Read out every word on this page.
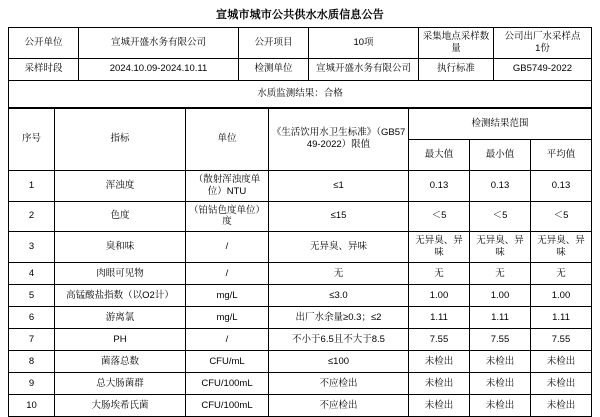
宣城市城市公共供水水质信息公告
公开单位	宣城开盛水务有限公司	公开项目	10项	采集地点采样数量	公司出厂水采样点
1份

采样时段	2024.10.09-2024.10.11	检测单位	宣城开盛水务有限公司	执行标准	GB5749-2022
水质监测结果：合格					
序号	指标	单位	《生活饮用水卫生标准》（GB5749-2022）限值	检测结果范围		
				最大值	最小值	平均值
1	浑浊度	（散射浑浊度单位）NTU	≤1	0.13	0.13	0.13
2	色度	（铂钴色度单位）度	≤15	＜5	＜5	＜5
3	臭和味	/	无异臭、异味	无异臭、异味	无异臭、异味	无异臭、异味
4	肉眼可见物	/	无	无	无	无
5	高锰酸盐指数（以O2计）	mg/L	≤3.0	1.00	1.00	1.00
6	游离氯	mg/L	出厂水余量≥0.3；≤2	1.11	1.11	1.11
7	PH	/	不小于6.5且不大于8.5	7.55	7.55	7.55
8	菌落总数	CFU/mL	≤100	未检出	未检出	未检出
9	总大肠菌群	CFU/100mL	不应检出	未检出	未检出	未检出
10	大肠埃希氏菌	CFU/100mL	不应检出	未检出	未检出	未检出
